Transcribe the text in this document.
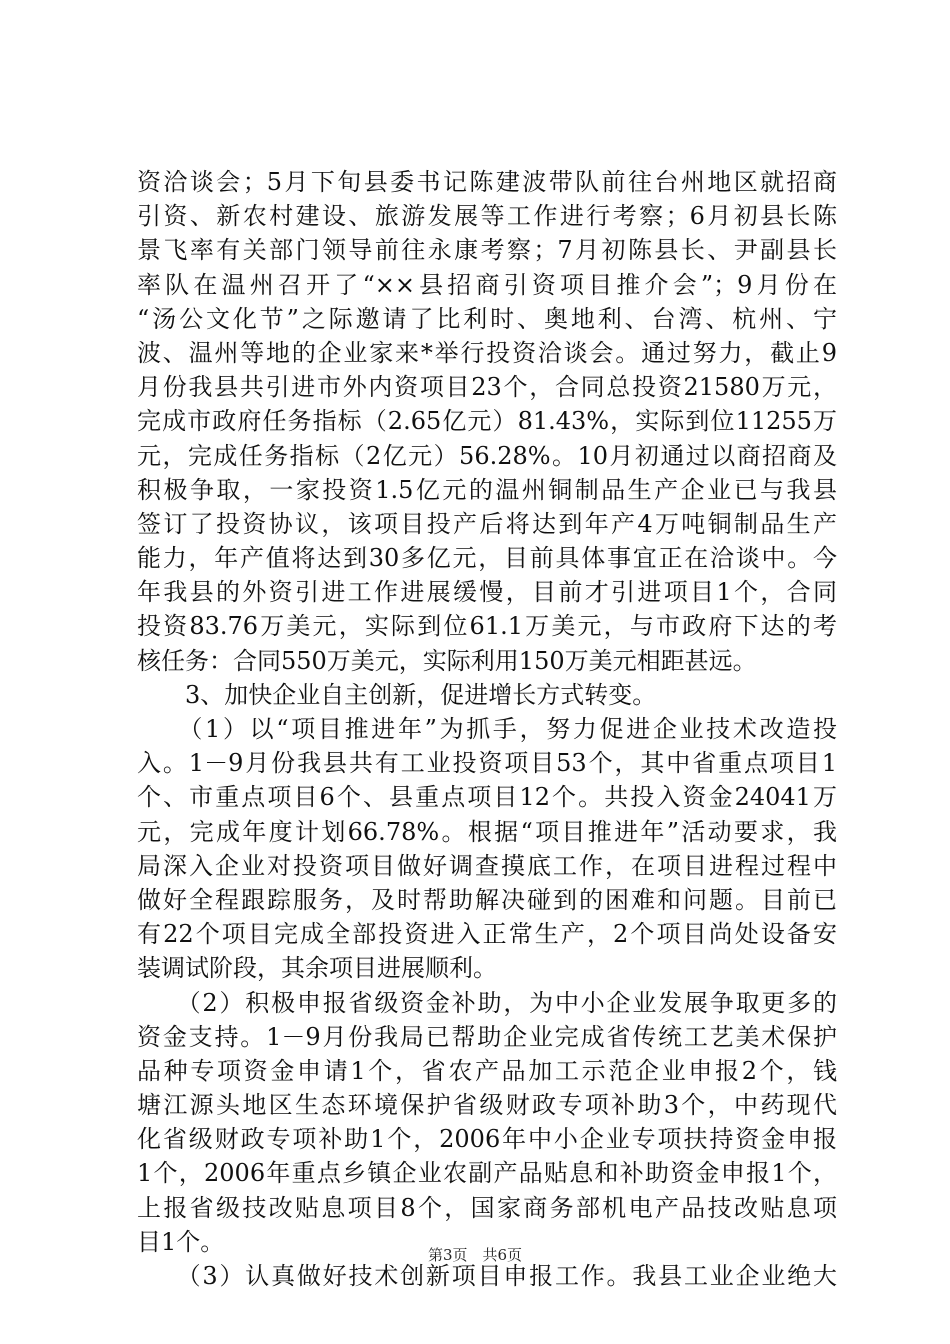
资洽谈会；5月下旬县委书记陈建波带队前往台州地区就招商
引资、新农村建设、旅游发展等工作进行考察；6月初县长陈
景飞率有关部门领导前往永康考察；7月初陈县长、尹副县长
率队在温州召开了“××县招商引资项目推介会”；9月份在
“汤公文化节”之际邀请了比利时、奥地利、台湾、杭州、宁
波、温州等地的企业家来*举行投资洽谈会。通过努力，截止9
月份我县共引进市外内资项目23个，合同总投资21580万元，
完成市政府任务指标（2.65亿元）81.43%，实际到位11255万
元，完成任务指标（2亿元）56.28%。10月初通过以商招商及
积极争取，一家投资1.5亿元的温州铜制品生产企业已与我县
签订了投资协议，该项目投产后将达到年产4万吨铜制品生产
能力，年产值将达到30多亿元，目前具体事宜正在洽谈中。今
年我县的外资引进工作进展缓慢，目前才引进项目1个，合同
投资83.76万美元，实际到位61.1万美元，与市政府下达的考
核任务：合同550万美元，实际利用150万美元相距甚远。
　　3、加快企业自主创新，促进增长方式转变。
　　（1）以“项目推进年”为抓手，努力促进企业技术改造投
入。1－9月份我县共有工业投资项目53个，其中省重点项目1
个、市重点项目6个、县重点项目12个。共投入资金24041万
元，完成年度计划66.78%。根据“项目推进年”活动要求，我
局深入企业对投资项目做好调查摸底工作，在项目进程过程中
做好全程跟踪服务，及时帮助解决碰到的困难和问题。目前已
有22个项目完成全部投资进入正常生产，2个项目尚处设备安
装调试阶段，其余项目进展顺利。
　　（2）积极申报省级资金补助，为中小企业发展争取更多的
资金支持。1－9月份我局已帮助企业完成省传统工艺美术保护
品种专项资金申请1个，省农产品加工示范企业申报2个，钱
塘江源头地区生态环境保护省级财政专项补助3个，中药现代
化省级财政专项补助1个，2006年中小企业专项扶持资金申报
1个，2006年重点乡镇企业农副产品贴息和补助资金申报1个，
上报省级技改贴息项目8个，国家商务部机电产品技改贴息项
目1个。
　　（3）认真做好技术创新项目申报工作。我县工业企业绝大
第3页　共6页
